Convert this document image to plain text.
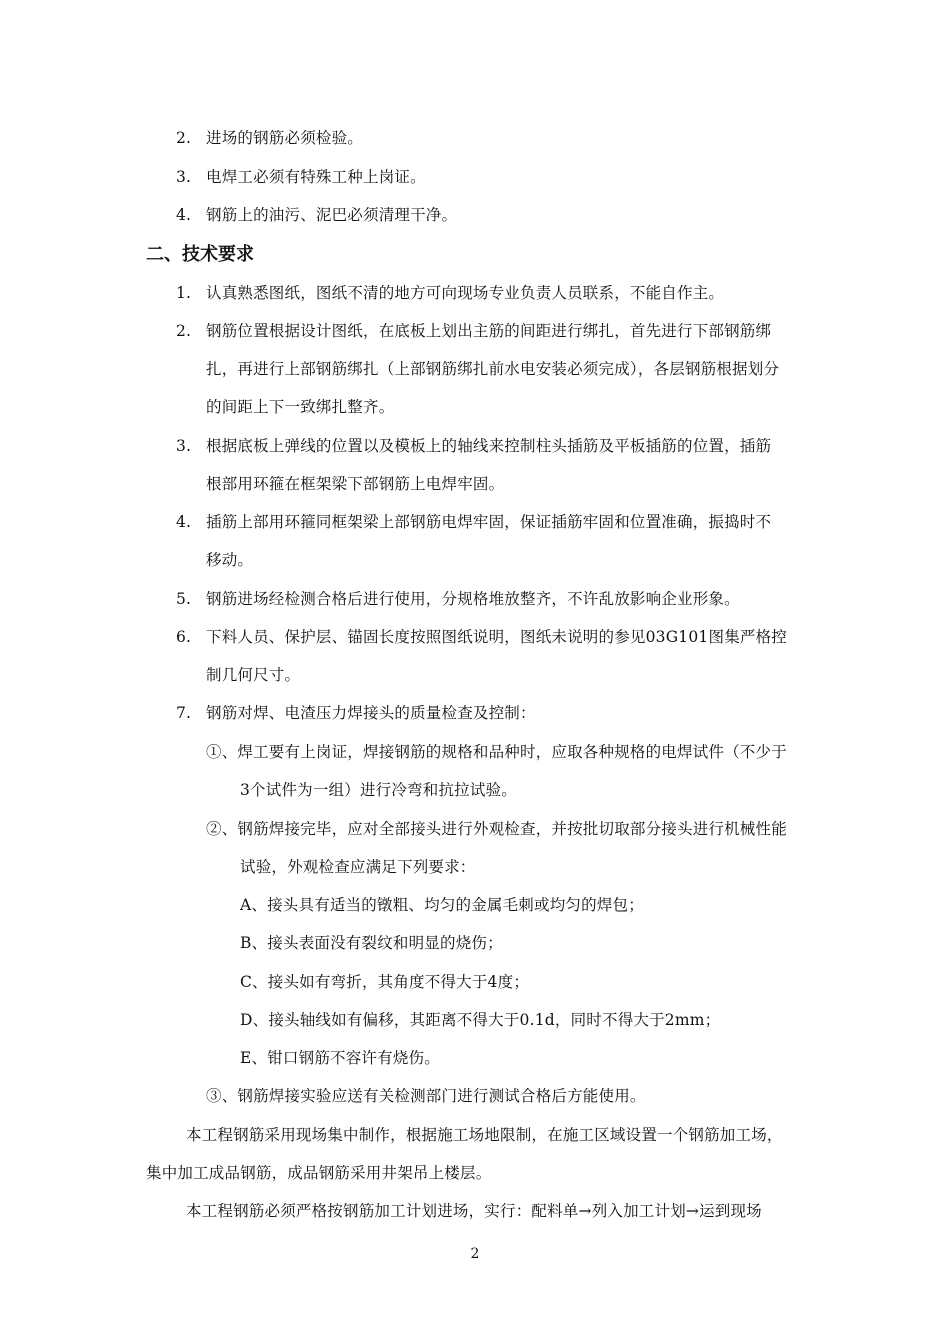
2. 进场的钢筋必须检验。
3. 电焊工必须有特殊工种上岗证。
4. 钢筋上的油污、泥巴必须清理干净。
二、技术要求
1. 认真熟悉图纸，图纸不清的地方可向现场专业负责人员联系，不能自作主。
2. 钢筋位置根据设计图纸，在底板上划出主筋的间距进行绑扎，首先进行下部钢筋绑
扎，再进行上部钢筋绑扎（上部钢筋绑扎前水电安装必须完成），各层钢筋根据划分
的间距上下一致绑扎整齐。
3. 根据底板上弹线的位置以及模板上的轴线来控制柱头插筋及平板插筋的位置，插筋
根部用环箍在框架梁下部钢筋上电焊牢固。
4. 插筋上部用环箍同框架梁上部钢筋电焊牢固，保证插筋牢固和位置准确，振捣时不
移动。
5. 钢筋进场经检测合格后进行使用，分规格堆放整齐，不许乱放影响企业形象。
6. 下料人员、保护层、锚固长度按照图纸说明，图纸未说明的参见03G101图集严格控
制几何尺寸。
7. 钢筋对焊、电渣压力焊接头的质量检查及控制：
①、焊工要有上岗证，焊接钢筋的规格和品种时，应取各种规格的电焊试件（不少于
3个试件为一组）进行冷弯和抗拉试验。
②、钢筋焊接完毕，应对全部接头进行外观检查，并按批切取部分接头进行机械性能
试验，外观检查应满足下列要求：
A、接头具有适当的镦粗、均匀的金属毛刺或均匀的焊包；
B、接头表面没有裂纹和明显的烧伤；
C、接头如有弯折，其角度不得大于4度；
D、接头轴线如有偏移，其距离不得大于0.1d，同时不得大于2mm；
E、钳口钢筋不容许有烧伤。
③、钢筋焊接实验应送有关检测部门进行测试合格后方能使用。
本工程钢筋采用现场集中制作，根据施工场地限制，在施工区域设置一个钢筋加工场，
集中加工成品钢筋，成品钢筋采用井架吊上楼层。
本工程钢筋必须严格按钢筋加工计划进场，实行：配料单→列入加工计划→运到现场
2
